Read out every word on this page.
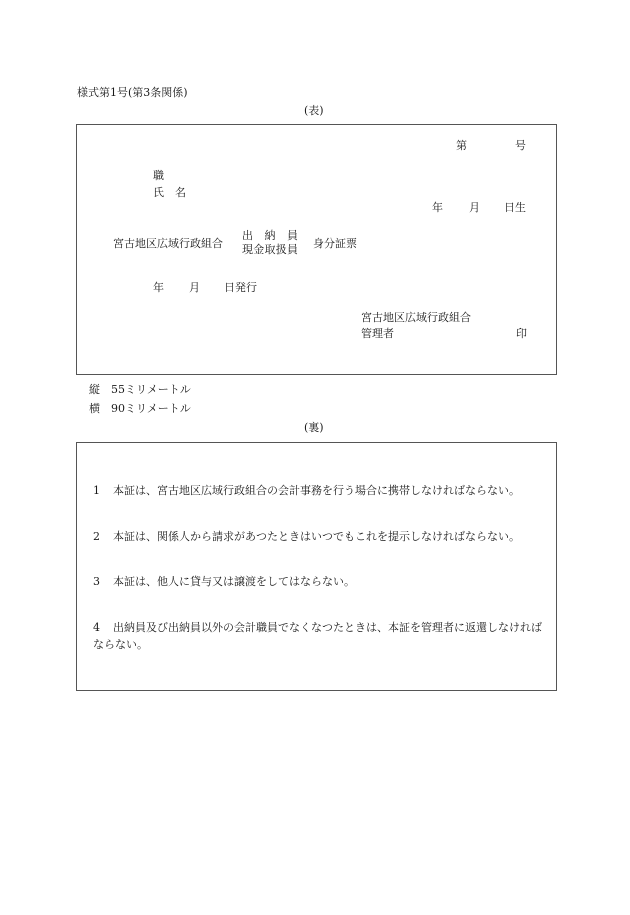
様式第1号(第3条関係)
(表)
第	号
職
氏　名
年 月 日生
宮古地区広域行政組合
出　納　員
現金取扱員 身分証票
年 月 日発行
宮古地区広域行政組合
管理者	印
縦 55ミリメートル
横 90ミリメートル
(裏)
1 本証は、宮古地区広域行政組合の会計事務を行う場合に携帯しなければならない。
2 本証は、関係人から請求があつたときはいつでもこれを提示しなければならない。
3 本証は、他人に貸与又は譲渡をしてはならない。
4 出納員及び出納員以外の会計職員でなくなつたときは、本証を管理者に返還しなければならない。
